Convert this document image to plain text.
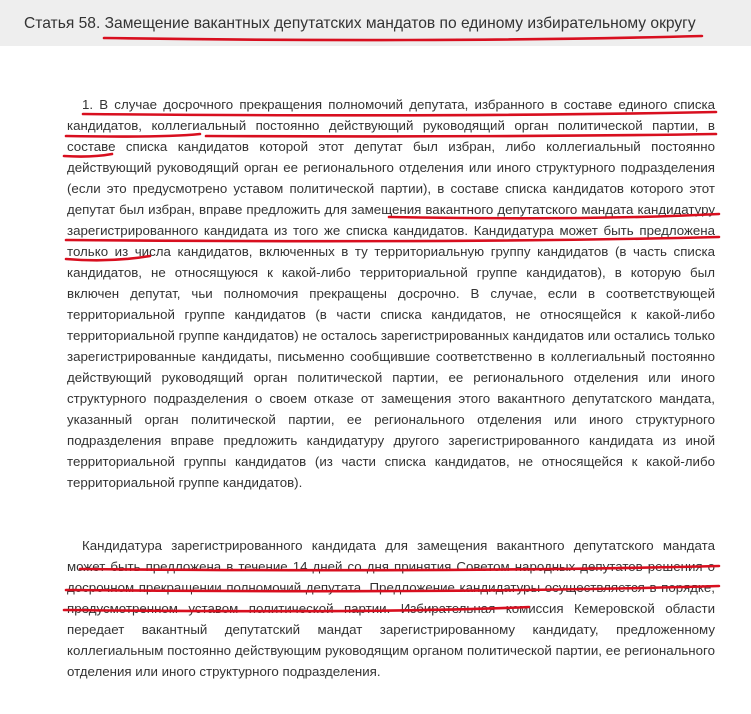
Статья 58. Замещение вакантных депутатских мандатов по единому избирательному округу

1. В случае досрочного прекращения полномочий депутата, избранного в составе единого списка кандидатов, коллегиальный постоянно действующий руководящий орган политической партии, в составе списка кандидатов которой этот депутат был избран, либо коллегиальный постоянно действующий руководящий орган ее регионального отделения или иного структурного подразделения (если это предусмотрено уставом политической партии), в составе списка кандидатов которого этот депутат был избран, вправе предложить для замещения вакантного депутатского мандата кандидатуру зарегистрированного кандидата из того же списка кандидатов. Кандидатура может быть предложена только из числа кандидатов, включенных в ту территориальную группу кандидатов (в часть списка кандидатов, не относящуюся к какой-либо территориальной группе кандидатов), в которую был включен депутат, чьи полномочия прекращены досрочно. В случае, если в соответствующей территориальной группе кандидатов (в части списка кандидатов, не относящейся к какой-либо территориальной группе кандидатов) не осталось зарегистрированных кандидатов или остались только зарегистрированные кандидаты, письменно сообщившие соответственно в коллегиальный постоянно действующий руководящий орган политической партии, ее регионального отделения или иного структурного подразделения о своем отказе от замещения этого вакантного депутатского мандата, указанный орган политической партии, ее регионального отделения или иного структурного подразделения вправе предложить кандидатуру другого зарегистрированного кандидата из иной территориальной группы кандидатов (из части списка кандидатов, не относящейся к какой-либо территориальной группе кандидатов).

Кандидатура зарегистрированного кандидата для замещения вакантного депутатского мандата может быть предложена в течение 14 дней со дня принятия Советом народных депутатов решения о досрочном прекращении полномочий депутата. Предложение кандидатуры осуществляется в порядке, предусмотренном уставом политической партии. Избирательная комиссия Кемеровской области передает вакантный депутатский мандат зарегистрированному кандидату, предложенному коллегиальным постоянно действующим руководящим органом политической партии, ее регионального отделения или иного структурного подразделения.
